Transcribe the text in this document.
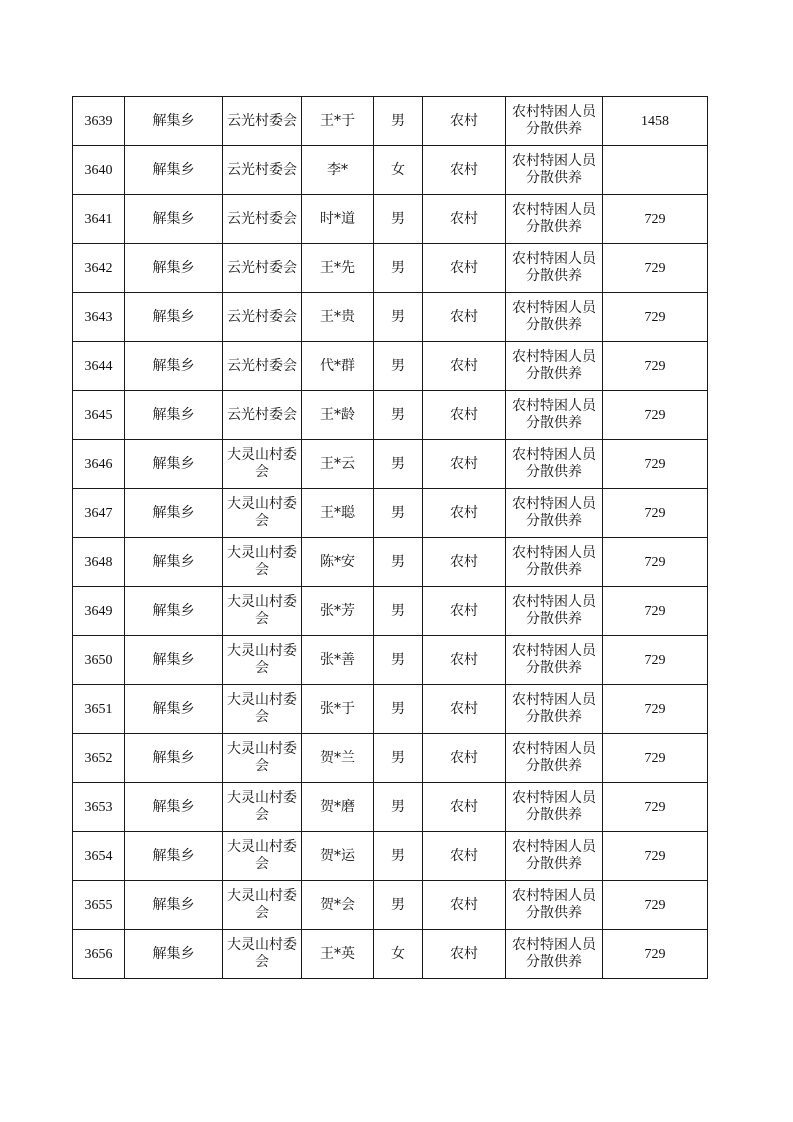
3639	解集乡	云光村委会	王*于	男	农村	农村特困人员分散供养	1458
3640	解集乡	云光村委会	李*	女	农村	农村特困人员分散供养	
3641	解集乡	云光村委会	时*道	男	农村	农村特困人员分散供养	729
3642	解集乡	云光村委会	王*先	男	农村	农村特困人员分散供养	729
3643	解集乡	云光村委会	王*贵	男	农村	农村特困人员分散供养	729
3644	解集乡	云光村委会	代*群	男	农村	农村特困人员分散供养	729
3645	解集乡	云光村委会	王*龄	男	农村	农村特困人员分散供养	729
3646	解集乡	大灵山村委会	王*云	男	农村	农村特困人员分散供养	729
3647	解集乡	大灵山村委会	王*聪	男	农村	农村特困人员分散供养	729
3648	解集乡	大灵山村委会	陈*安	男	农村	农村特困人员分散供养	729
3649	解集乡	大灵山村委会	张*芳	男	农村	农村特困人员分散供养	729
3650	解集乡	大灵山村委会	张*善	男	农村	农村特困人员分散供养	729
3651	解集乡	大灵山村委会	张*于	男	农村	农村特困人员分散供养	729
3652	解集乡	大灵山村委会	贺*兰	男	农村	农村特困人员分散供养	729
3653	解集乡	大灵山村委会	贺*磨	男	农村	农村特困人员分散供养	729
3654	解集乡	大灵山村委会	贺*运	男	农村	农村特困人员分散供养	729
3655	解集乡	大灵山村委会	贺*会	男	农村	农村特困人员分散供养	729
3656	解集乡	大灵山村委会	王*英	女	农村	农村特困人员分散供养	729
